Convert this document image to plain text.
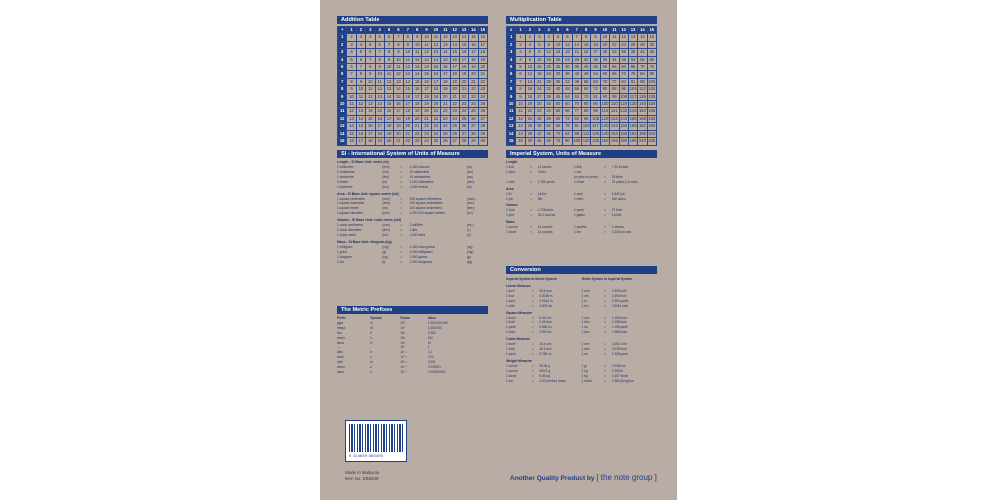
Addition Table
+	1	2	3	4	5	6	7	8	9	10	11	12	13	14	15
1	2	3	4	5	6	7	8	9	10	11	12	13	14	15	16
2	3	4	5	6	7	8	9	10	11	12	13	14	15	16	17
3	4	5	6	7	8	9	10	11	12	13	14	15	16	17	18
4	5	6	7	8	9	10	11	12	13	14	15	16	17	18	19
5	6	7	8	9	10	11	12	13	14	15	16	17	18	19	20
6	7	8	9	10	11	12	13	14	15	16	17	18	19	20	21
7	8	9	10	11	12	13	14	15	16	17	18	19	20	21	22
8	9	10	11	12	13	14	15	16	17	18	19	20	21	22	23
9	10	11	12	13	14	15	16	17	18	19	20	21	22	23	24
10	11	12	13	14	15	16	17	18	19	20	21	22	23	24	25
11	12	13	14	15	16	17	18	19	20	21	22	23	24	25	26
12	13	14	15	16	17	18	19	20	21	22	23	24	25	26	27
13	14	15	16	17	18	19	20	21	22	23	24	25	26	27	28
14	15	16	17	18	19	20	21	22	23	24	25	26	27	28	29
15	16	17	18	19	20	21	22	23	24	25	26	27	28	29	30
Multiplication Table
x	1	2	3	4	5	6	7	8	9	10	11	12	13	14	15
1	1	2	3	4	5	6	7	8	9	10	11	12	13	14	15
2	2	4	6	8	10	12	14	16	18	20	22	24	26	28	30
3	3	6	9	12	15	18	21	24	27	30	33	36	39	42	45
4	4	8	12	16	20	24	28	32	36	40	44	48	52	56	60
5	5	10	15	20	25	30	35	40	45	50	55	60	65	70	75
6	6	12	18	24	30	36	42	48	54	60	66	72	78	84	90
7	7	14	21	28	35	42	49	56	63	70	77	84	91	98	105
8	8	16	24	32	40	48	56	64	72	80	88	96	104	112	120
9	9	18	27	36	45	54	63	72	81	90	99	108	117	126	135
10	10	20	30	40	50	60	70	80	90	100	110	120	130	140	150
11	11	22	33	44	55	66	77	88	99	110	121	132	143	154	165
12	12	24	36	48	60	72	84	96	108	120	132	144	156	168	180
13	13	26	39	52	65	78	91	104	117	130	143	156	169	182	195
14	14	28	42	56	70	84	98	112	126	140	154	168	182	196	210
15	15	30	45	60	75	90	105	120	135	150	165	180	195	210	225
SI - International System of Units of Measure
Length - SI Base Unit: metre (m)
1 millimetre	(mm)	=	1,000 microns	(m)
1 centimetre	(cm)	=	10 millimetres	(cm)
1 decimetre	(dm)	=	10 centimetres	(cm)
1 metre	(m)	=	1,000 millimetres	(mm)
1 kilometre	(km)	=	1,000 metres	(m)
Area - SI Base Unit: square metre (m2)
1 square centimetre	(cm²)	=	100 square millimetres	(mm²)
1 square decimetre	(dm²)	=	100 square centimetres	(cm²)
1 square metre	(m²)	=	100 square decimetres	(dm²)
1 square kilometre	(km²)	=	1,000,000 square metres	(m²)
Volume - SI Base Unit: cubic metre (m3)
1 cubic centimetre	(cm³)	=	1 millilitre	(mL)
1 cubic decimetre	(dm³)	=	1 litre	(L)
1 cubic metre	(m³)	=	1,000 litres	(L)
Mass - SI Base Unit: kilogram (kg)
1 milligram	(mg)	=	1,000 micrograms	(ug)
1 gram	(g)	=	1,000 milligrams	(mg)
1 kilogram	(kg)	=	1,000 grams	(g)
1 ton	(t)	=	1,000 kilograms	(kg)
The Metric Prefixes
Prefix	Symbol	Factor	Value
giga	G	10⁹	1,000,000,000
mega	M	10⁶	1,000,000
kilo	K	10³	1,000
hecto	h	10²	100
deca	D	10¹	10
----	-	10⁰	1
deci	d	10⁻¹	0.1
centi	c	10⁻²	0.01
milli	m	10⁻³	0.001
micro	u	10⁻⁶	0.000001
nano	n	10⁻⁹	0.000000001
Imperial System, Units of Measure
Length
1 foot	=	12 inches	1 link	=	7.92 inches
1 yard	=	3 feet	1 rod
(or pole or perch)	=	25 links
1 mile	=	1,760 yards	1 chain	=	22 yards (=4 rods)
Area
1 ft²	=	144in²	1 acre	=	4,840 yd²
1 yd²	=	9ft²	1 mile²	=	640 acres
Volume
1 foot³	=	1,728 inch³	1 yard³	=	27 foot³
1 pint	=	20.0 ounces	1 gallon	=	8 pints
Mass
1 pound	=	16 ounces	1 quarter	=	2 stones
1 stone	=	14 pounds	1 ton	=	2,240 pounds
Conversion
Imperial System to Metric System	Metric System to Imperial System
Linear Measure
1 inch	=	25.4 mm	1 mm	=	0.039 inch
1 foot	=	0.3048 m	1 cm	=	0.394 inch
1 yard	=	0.9144 m	1 m	=	1.094 yards
1 mile	=	1.609 km	1 km	=	0.6214 mile
Square Measure
1 inch²	=	6.45 cm²	1 cm²	=	0.155 inch²
1 foot²	=	9.29 dm²	1 dm²	=	0.108 foot²
1 yard²	=	0.836 m²	1 m²	=	1.196 yard²
1 mile²	=	2.59 km²	1 km²	=	0.386 mile²
Cubic Measure
1 inch³	=	16.4 cm³	1 cm³	=	0.061 inch³
1 foot³	=	28.3 dm³	1 dm³	=	0.035 foot³
1 yard³	=	0.765 m³	1 m³	=	1.308 yard³
Weight Measure
1 ounce	=	28.35 g	1 gr	=	0.0353 oz
1 pound	=	453.6 g	1 kg	=	2.205 lb
1 stone	=	6.35 kg	1 kg	=	0.157 stone
1 ton	=	1.02 (metric) tonne	1 tonne	=	0.984 (long) ton
9 314649 065490
Made in Malaysia
Item No. EB6549	Another Quality Product by [ the note group ]
